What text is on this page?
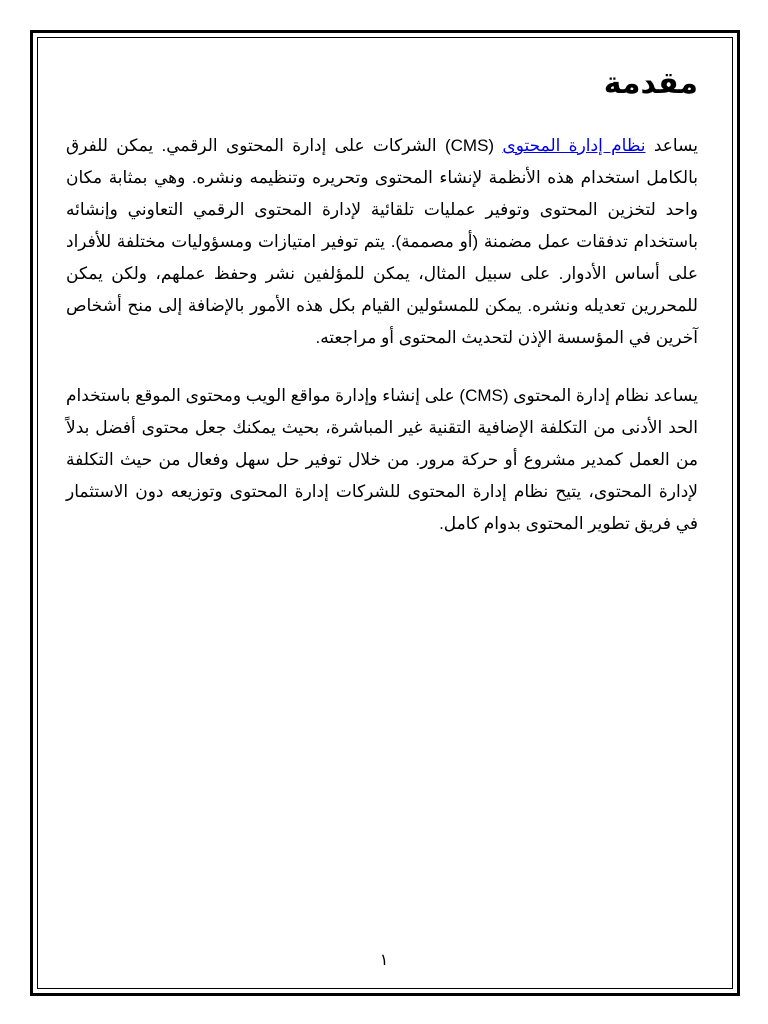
مقدمة

يساعد نظام إدارة المحتوى (CMS) الشركات على إدارة المحتوى الرقمي. يمكن للفرق بالكامل استخدام هذه الأنظمة لإنشاء المحتوى وتحريره وتنظيمه ونشره. وهي بمثابة مكان واحد لتخزين المحتوى وتوفير عمليات تلقائية لإدارة المحتوى الرقمي التعاوني وإنشائه باستخدام تدفقات عمل مضمنة (أو مصممة). يتم توفير امتيازات ومسؤوليات مختلفة للأفراد على أساس الأدوار. على سبيل المثال، يمكن للمؤلفين نشر وحفظ عملهم، ولكن يمكن للمحررين تعديله ونشره. يمكن للمسئولين القيام بكل هذه الأمور بالإضافة إلى منح أشخاص آخرين في المؤسسة الإذن لتحديث المحتوى أو مراجعته.

يساعد نظام إدارة المحتوى (CMS) على إنشاء وإدارة مواقع الويب ومحتوى الموقع باستخدام الحد الأدنى من التكلفة الإضافية التقنية غير المباشرة، بحيث يمكنك جعل محتوى أفضل بدلاً من العمل كمدير مشروع أو حركة مرور. من خلال توفير حل سهل وفعال من حيث التكلفة لإدارة المحتوى، يتيح نظام إدارة المحتوى للشركات إدارة المحتوى وتوزيعه دون الاستثمار في فريق تطوير المحتوى بدوام كامل.

١
